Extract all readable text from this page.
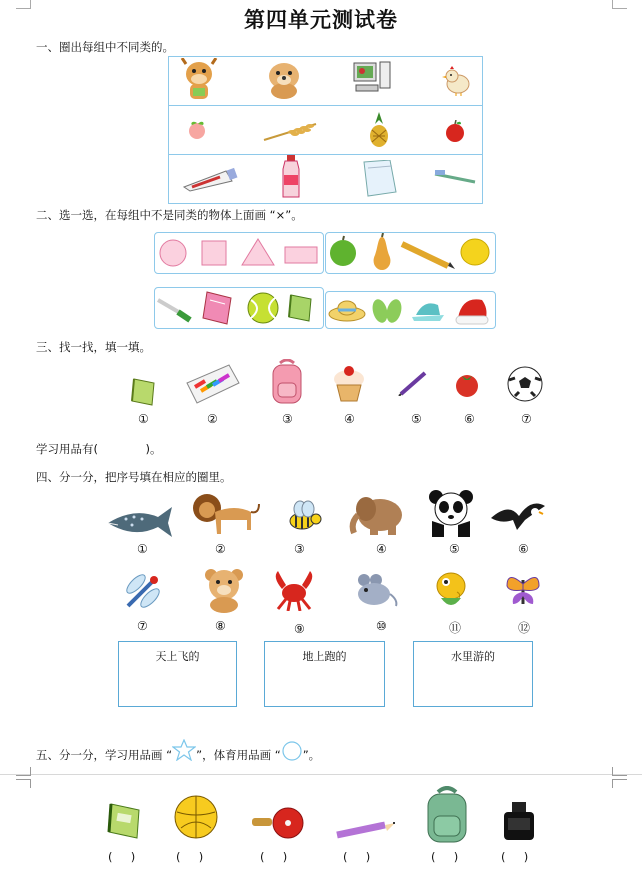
第四单元测试卷
一、圈出每组中不同类的。
二、选一选，在每组中不是同类的物体上面画 “×”。
三、找一找，填一填。
①	②	③	④	⑤	⑥	⑦
学习用品有(             )。
四、分一分，把序号填在相应的圈里。
①	②	③	④	⑤	⑥
⑦	⑧	⑨	⑩	⑪	⑫
天上飞的	地上跑的	水里游的
五、分一分，学习用品画 “ ”，体育用品画 “ ”。
(     )	(     )	(     )	(     )	(     )	(     )
